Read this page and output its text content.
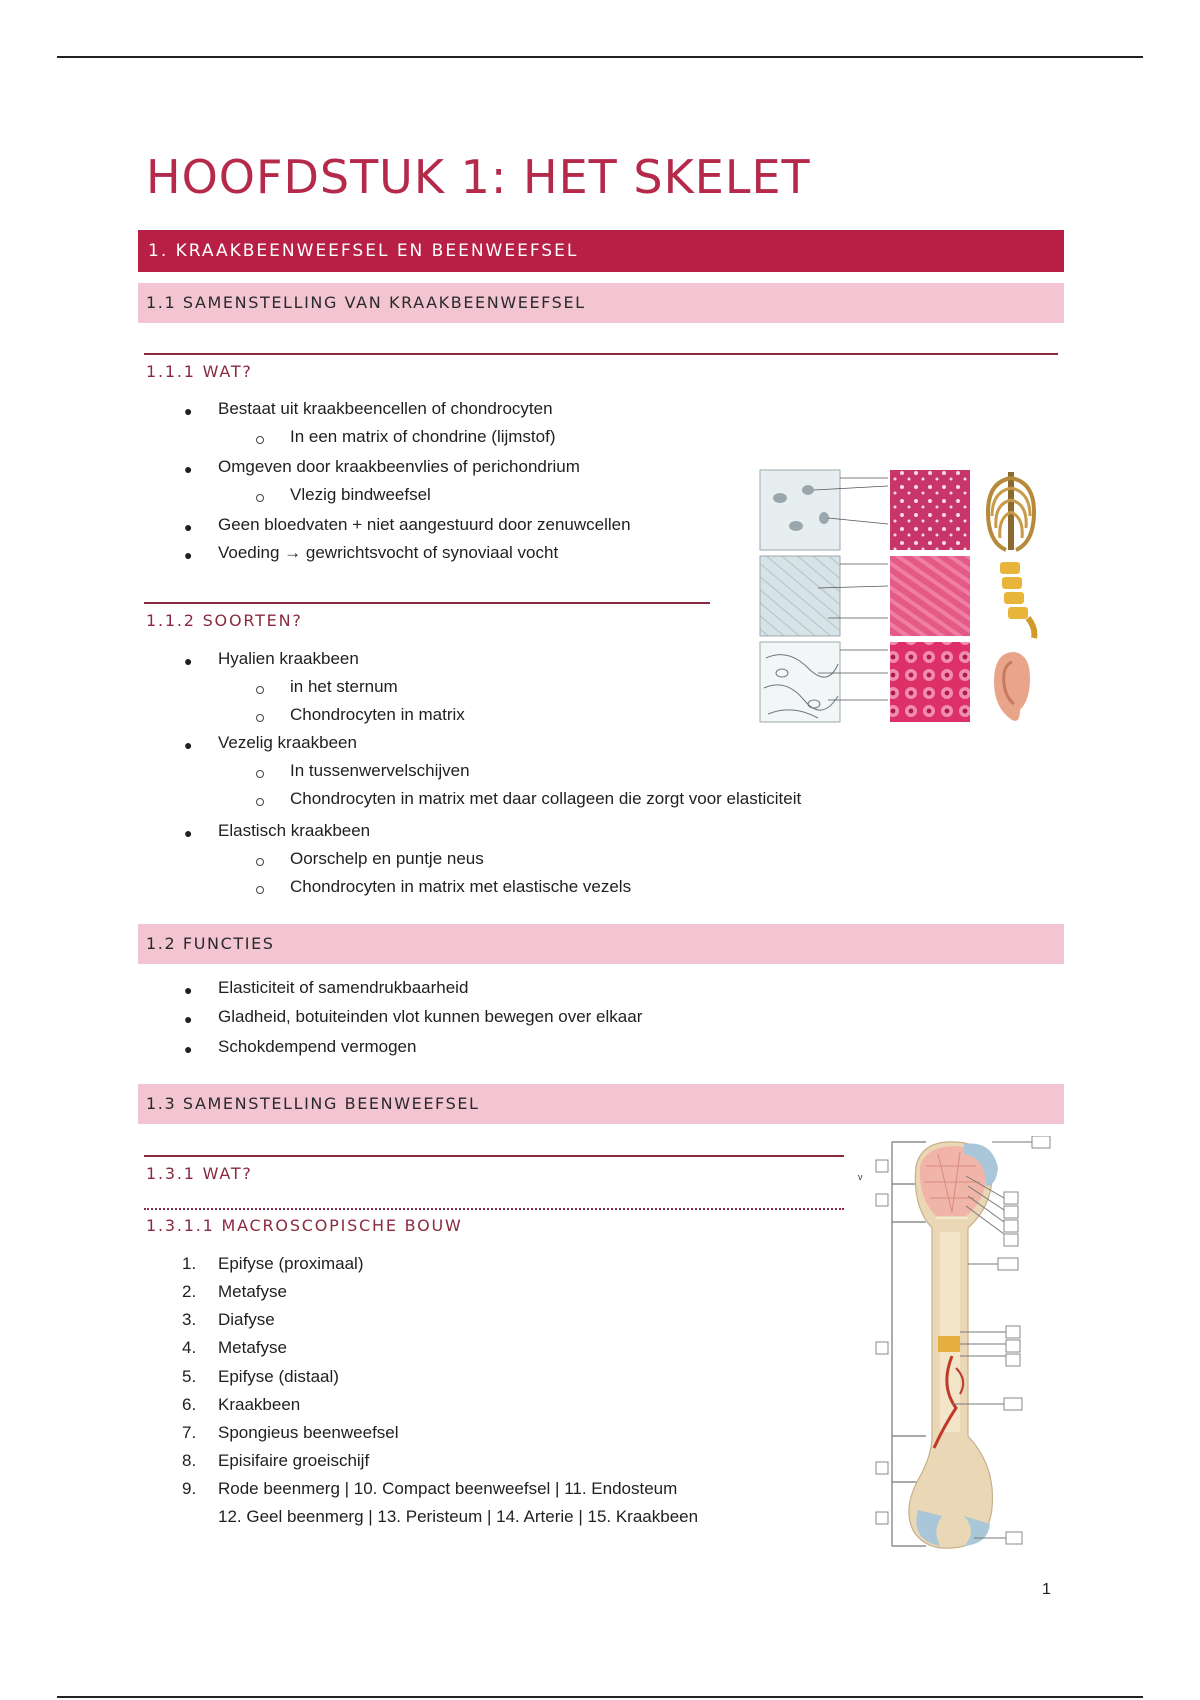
HOOFDSTUK 1: HET SKELET
1. KRAAKBEENWEEFSEL EN BEENWEEFSEL
1.1 SAMENSTELLING VAN KRAAKBEENWEEFSEL
1.1.1 WAT?
● Bestaat uit kraakbeencellen of chondrocyten
In een matrix of chondrine (lijmstof)
● Omgeven door kraakbeenvlies of perichondrium
Vlezig bindweefsel
● Geen bloedvaten + niet aangestuurd door zenuwcellen
● Voeding → gewrichtsvocht of synoviaal vocht
1.1.2 SOORTEN?
● Hyalien kraakbeen
in het sternum
Chondrocyten in matrix
● Vezelig kraakbeen
In tussenwervelschijven
Chondrocyten in matrix met daar collageen die zorgt voor elasticiteit
● Elastisch kraakbeen
Oorschelp en puntje neus
Chondrocyten in matrix met elastische vezels
1.2 FUNCTIES
● Elasticiteit of samendrukbaarheid
● Gladheid, botuiteinden vlot kunnen bewegen over elkaar
● Schokdempend vermogen
1.3 SAMENSTELLING BEENWEEFSEL
1.3.1 WAT?
1.3.1.1 MACROSCOPISCHE BOUW
1. Epifyse (proximaal)
2. Metafyse
3. Diafyse
4. Metafyse
5. Epifyse (distaal)
6. Kraakbeen
7. Spongieus beenweefsel
8. Episifaire groeischijf
9. Rode beenmerg | 10. Compact beenweefsel | 11. Endosteum
12. Geel beenmerg | 13. Peristeum | 14. Arterie | 15. Kraakbeen
v
1
